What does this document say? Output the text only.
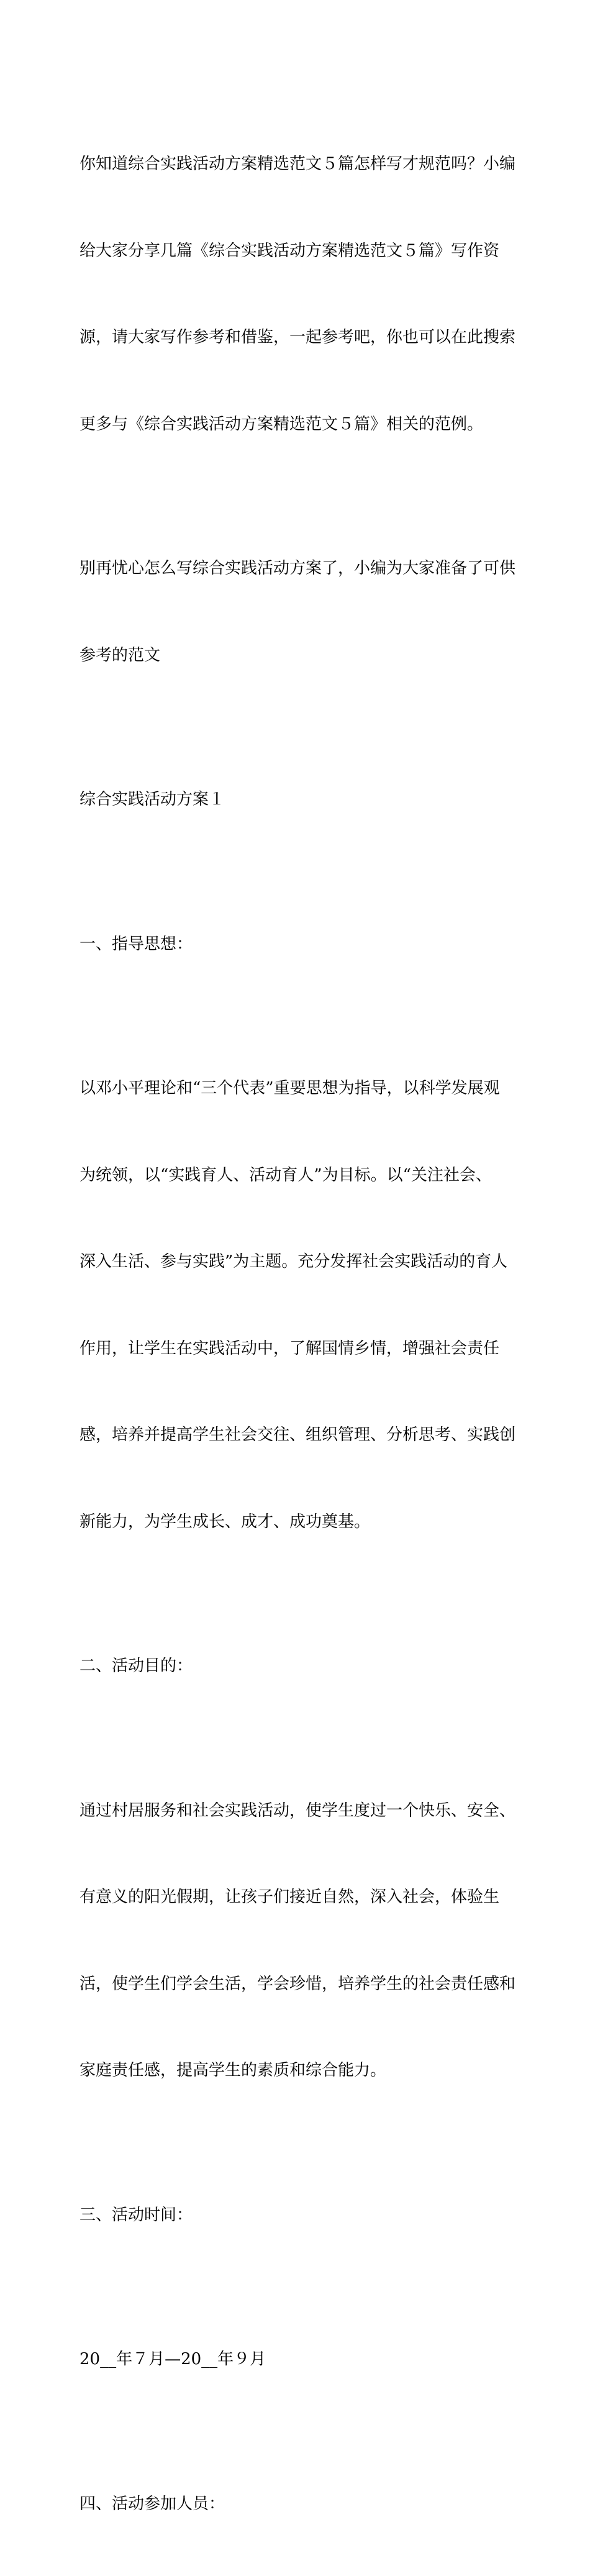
你知道综合实践活动方案精选范文５篇怎样写才规范吗？小编

给大家分享几篇《综合实践活动方案精选范文５篇》写作资

源，请大家写作参考和借鉴，一起参考吧，你也可以在此搜索

更多与《综合实践活动方案精选范文５篇》相关的范例。

别再忧心怎么写综合实践活动方案了，小编为大家准备了可供

参考的范文

综合实践活动方案１

一、指导思想：

以邓小平理论和“三个代表”重要思想为指导，以科学发展观

为统领，以“实践育人、活动育人”为目标。以“关注社会、

深入生活、参与实践”为主题。充分发挥社会实践活动的育人

作用，让学生在实践活动中，了解国情乡情，增强社会责任

感，培养并提高学生社会交往、组织管理、分析思考、实践创

新能力，为学生成长、成才、成功奠基。

二、活动目的：

通过村居服务和社会实践活动，使学生度过一个快乐、安全、

有意义的阳光假期，让孩子们接近自然，深入社会，体验生

活，使学生们学会生活，学会珍惜，培养学生的社会责任感和

家庭责任感，提高学生的素质和综合能力。

三、活动时间：

20__年７月—20__年９月

四、活动参加人员：
